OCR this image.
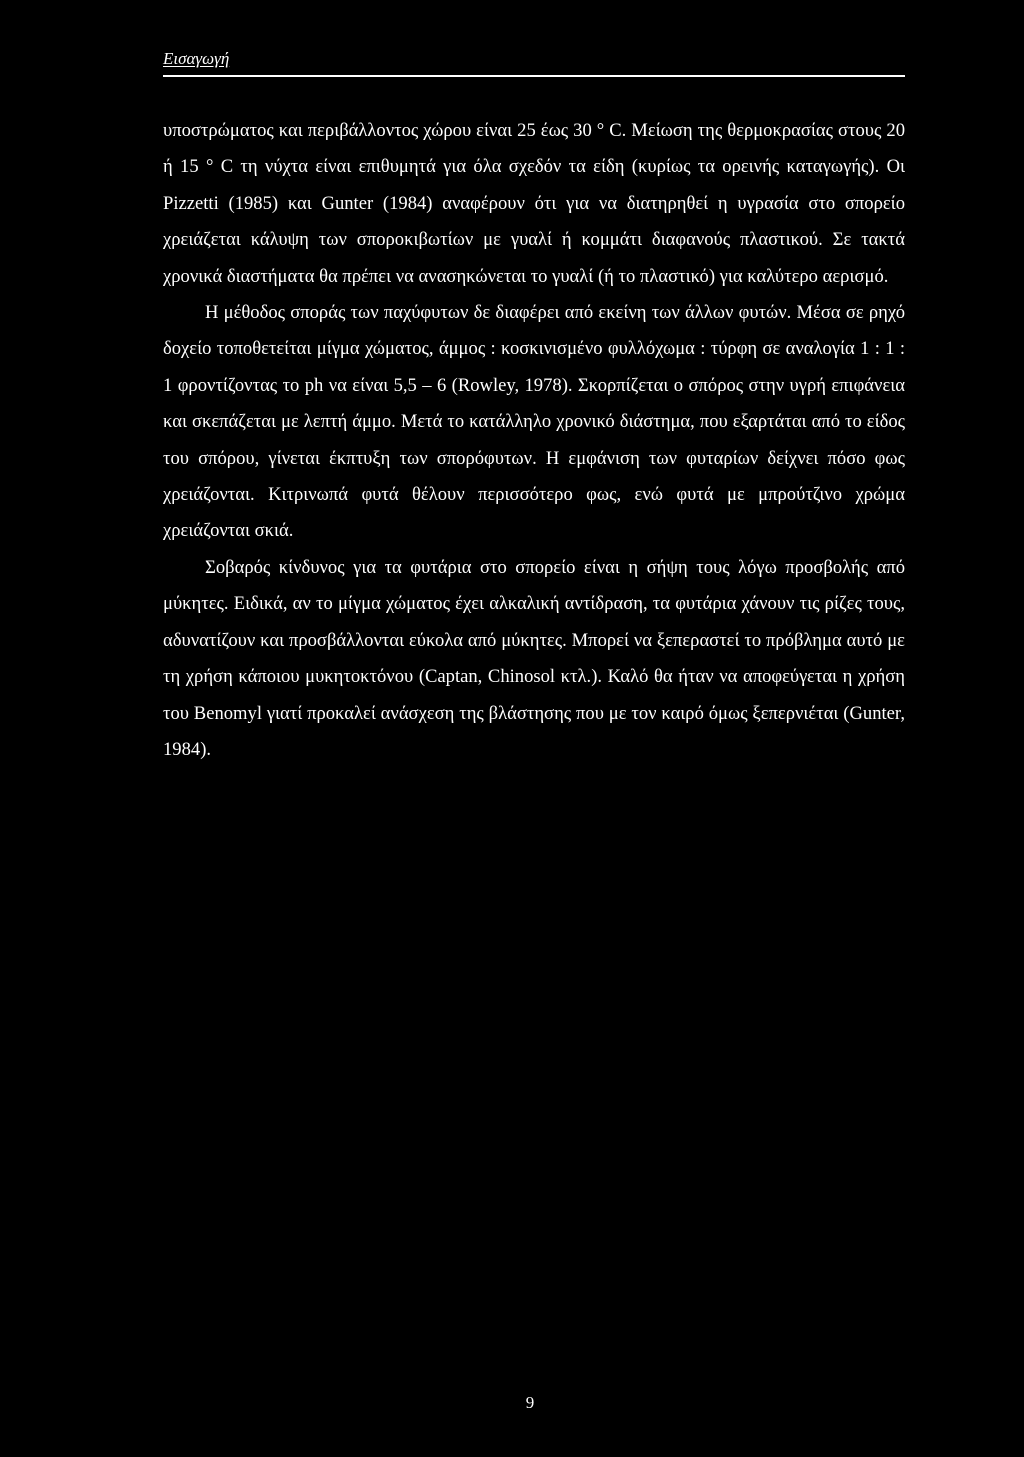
Εισαγωγή

υποστρώματος και περιβάλλοντος χώρου είναι 25 έως 30 ° C. Μείωση της θερμοκρασίας στους 20 ή 15 ° C τη νύχτα είναι επιθυμητά για όλα σχεδόν τα είδη (κυρίως τα ορεινής καταγωγής). Οι Pizzetti (1985) και Gunter (1984) αναφέρουν ότι για να διατηρηθεί η υγρασία στο σπορείο χρειάζεται κάλυψη των σποροκιβωτίων με γυαλί ή κομμάτι διαφανούς πλαστικού. Σε τακτά χρονικά διαστήματα θα πρέπει να ανασηκώνεται το γυαλί (ή το πλαστικό) για καλύτερο αερισμό.

Η μέθοδος σποράς των παχύφυτων δε διαφέρει από εκείνη των άλλων φυτών. Μέσα σε ρηχό δοχείο τοποθετείται μίγμα χώματος, άμμος : κοσκινισμένο φυλλόχωμα : τύρφη σε αναλογία 1 : 1 : 1 φροντίζοντας το ph να είναι 5,5 – 6 (Rowley, 1978). Σκορπίζεται ο σπόρος στην υγρή επιφάνεια και σκεπάζεται με λεπτή άμμο. Μετά το κατάλληλο χρονικό διάστημα, που εξαρτάται από το είδος του σπόρου, γίνεται έκπτυξη των σπορόφυτων. Η εμφάνιση των φυταρίων δείχνει πόσο φως χρειάζονται. Κιτρινωπά φυτά θέλουν περισσότερο φως, ενώ φυτά με μπρούτζινο χρώμα χρειάζονται σκιά.

Σοβαρός κίνδυνος για τα φυτάρια στο σπορείο είναι η σήψη τους λόγω προσβολής από μύκητες. Ειδικά, αν το μίγμα χώματος έχει αλκαλική αντίδραση, τα φυτάρια χάνουν τις ρίζες τους, αδυνατίζουν και προσβάλλονται εύκολα από μύκητες. Μπορεί να ξεπεραστεί το πρόβλημα αυτό με τη χρήση κάποιου μυκητοκτόνου (Captan, Chinosol κτλ.). Καλό θα ήταν να αποφεύγεται η χρήση του Benomyl γιατί προκαλεί ανάσχεση της βλάστησης που με τον καιρό όμως ξεπερνιέται (Gunter, 1984).

9
